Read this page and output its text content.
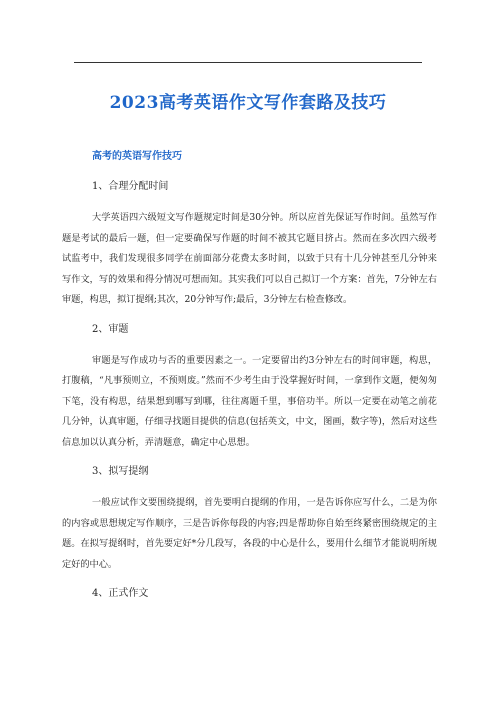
2023高考英语作文写作套路及技巧
高考的英语写作技巧
1、合理分配时间

大学英语四六级短文写作题规定时间是30分钟。所以应首先保证写作时间。虽然写作题是考试的最后一题，但一定要确保写作题的时间不被其它题目挤占。然而在多次四六级考试监考中，我们发现很多同学在前面部分花费太多时间，以致于只有十几分钟甚至几分钟来写作文，写的效果和得分情况可想而知。其实我们可以自己拟订一个方案：首先，7分钟左右审题，构思，拟订提纲;其次，20分钟写作;最后，3分钟左右检查修改。

2、审题

审题是写作成功与否的重要因素之一。一定要留出约3分钟左右的时间审题，构思，打腹稿，“凡事预则立，不预则废。”然而不少考生由于没掌握好时间，一拿到作文题，便匆匆下笔，没有构思，结果想到哪写到哪，往往离题千里，事倍功半。所以一定要在动笔之前花几分钟，认真审题，仔细寻找题目提供的信息(包括英文，中文，图画，数字等)，然后对这些信息加以认真分析，弄清题意，确定中心思想。

3、拟写提纲

一般应试作文要围绕提纲，首先要明白提纲的作用，一是告诉你应写什么，二是为你的内容或思想规定写作顺序，三是告诉你每段的内容;四是帮助你自始至终紧密围绕规定的主题。在拟写提纲时，首先要定好*分几段写，各段的中心是什么，要用什么细节才能说明所规定好的中心。

4、正式作文
